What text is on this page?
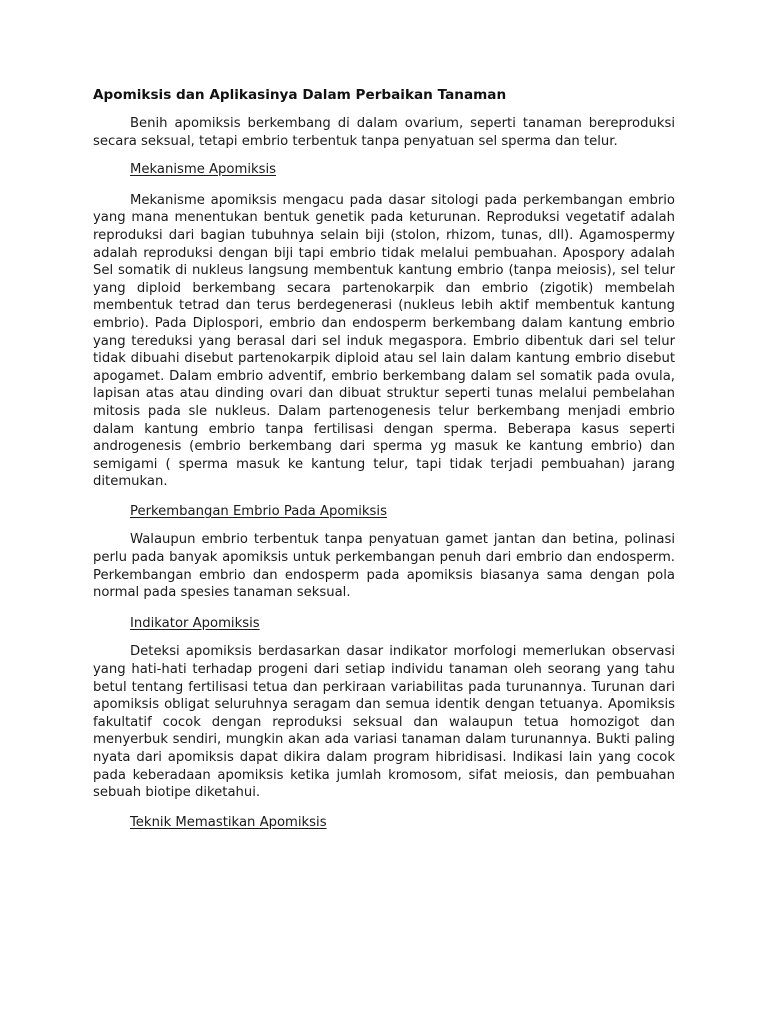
Apomiksis dan Aplikasinya Dalam Perbaikan Tanaman

Benih apomiksis berkembang di dalam ovarium, seperti tanaman bereproduksi secara seksual, tetapi embrio terbentuk tanpa penyatuan sel sperma dan telur.

Mekanisme Apomiksis

Mekanisme apomiksis mengacu pada dasar sitologi pada perkembangan embrio yang mana menentukan bentuk genetik pada keturunan. Reproduksi vegetatif adalah reproduksi dari bagian tubuhnya selain biji (stolon, rhizom, tunas, dll). Agamospermy adalah reproduksi dengan biji tapi embrio tidak melalui pembuahan. Apospory adalah Sel somatik di nukleus langsung membentuk kantung embrio (tanpa meiosis), sel telur yang diploid berkembang secara partenokarpik dan embrio (zigotik) membelah membentuk tetrad dan terus berdegenerasi (nukleus lebih aktif membentuk kantung embrio). Pada Diplospori, embrio dan endosperm berkembang dalam kantung embrio yang tereduksi yang berasal dari sel induk megaspora. Embrio dibentuk dari sel telur tidak dibuahi disebut partenokarpik diploid atau sel lain dalam kantung embrio disebut apogamet. Dalam embrio adventif, embrio berkembang dalam sel somatik pada ovula, lapisan atas atau dinding ovari dan dibuat struktur seperti tunas melalui pembelahan mitosis pada sle nukleus. Dalam partenogenesis telur berkembang menjadi embrio dalam kantung embrio tanpa fertilisasi dengan sperma. Beberapa kasus seperti androgenesis (embrio berkembang dari sperma yg masuk ke kantung embrio) dan semigami ( sperma masuk ke kantung telur, tapi tidak terjadi pembuahan) jarang ditemukan.

Perkembangan Embrio Pada Apomiksis

Walaupun embrio terbentuk tanpa penyatuan gamet jantan dan betina, polinasi perlu pada banyak apomiksis untuk perkembangan penuh dari embrio dan endosperm. Perkembangan embrio dan endosperm pada apomiksis biasanya sama dengan pola normal pada spesies tanaman seksual.

Indikator Apomiksis

Deteksi apomiksis berdasarkan dasar indikator morfologi memerlukan observasi yang hati-hati terhadap progeni dari setiap individu tanaman oleh seorang yang tahu betul tentang fertilisasi tetua dan perkiraan variabilitas pada turunannya. Turunan dari apomiksis obligat seluruhnya seragam dan semua identik dengan tetuanya. Apomiksis fakultatif cocok dengan reproduksi seksual dan walaupun tetua homozigot dan menyerbuk sendiri, mungkin akan ada variasi tanaman dalam turunannya. Bukti paling nyata dari apomiksis dapat dikira dalam program hibridisasi. Indikasi lain yang cocok pada keberadaan apomiksis ketika jumlah kromosom, sifat meiosis, dan pembuahan sebuah biotipe diketahui.

Teknik Memastikan Apomiksis
